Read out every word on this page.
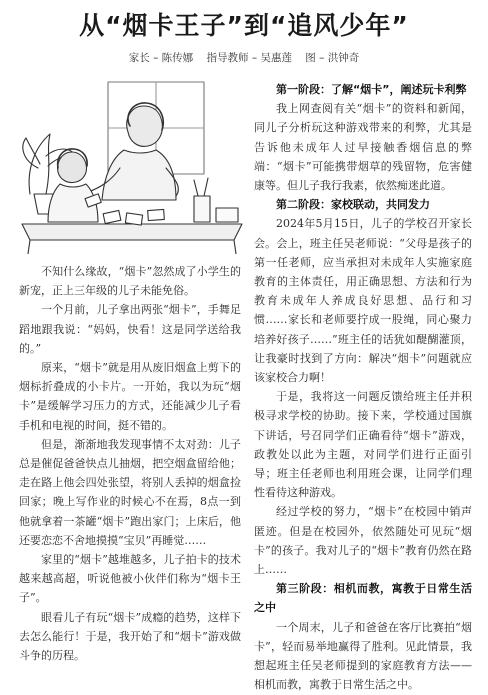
从“烟卡王子”到“追风少年”
家长 – 陈传娜    指导教师 – 吴惠莲    图 – 洪钟奇

不知什么缘故，“烟卡”忽然成了小学生的新宠，正上三年级的儿子未能免俗。

一个月前，儿子拿出两张“烟卡”，手舞足蹈地跟我说：“妈妈，快看！这是同学送给我的。”

原来，“烟卡”就是用从废旧烟盒上剪下的烟标折叠成的小卡片。一开始，我以为玩“烟卡”是缓解学习压力的方式，还能减少儿子看手机和电视的时间，挺不错的。

但是，渐渐地我发现事情不太对劲：儿子总是催促爸爸快点儿抽烟，把空烟盒留给他；走在路上他会四处张望，将别人丢掉的烟盒捡回家；晚上写作业的时候心不在焉，8点一到他就拿着一茶罐“烟卡”跑出家门；上床后，他还要恋恋不舍地摸摸“宝贝”再睡觉……

家里的“烟卡”越堆越多，儿子拍卡的技术越来越高超，听说他被小伙伴们称为“烟卡王子”。

眼看儿子有玩“烟卡”成瘾的趋势，这样下去怎么能行！于是，我开始了和“烟卡”游戏做斗争的历程。

第一阶段：了解“烟卡”，阐述玩卡利弊

我上网查阅有关“烟卡”的资料和新闻，同儿子分析玩这种游戏带来的利弊，尤其是告诉他未成年人过早接触香烟信息的弊端：“烟卡”可能携带烟草的残留物，危害健康等。但儿子我行我素，依然痴迷此道。

第二阶段：家校联动，共同发力

2024年5月15日，儿子的学校召开家长会。会上，班主任吴老师说：“父母是孩子的第一任老师，应当承担对未成年人实施家庭教育的主体责任，用正确思想、方法和行为教育未成年人养成良好思想、品行和习惯……家长和老师要拧成一股绳，同心聚力培养好孩子……”班主任的话犹如醍醐灌顶，让我豪时找到了方向：解决“烟卡”问题就应该家校合力啊！

于是，我将这一问题反馈给班主任并积极寻求学校的协助。接下来，学校通过国旗下讲话，号召同学们正确看待“烟卡”游戏，政教处以此为主题，对同学们进行正面引导；班主任老师也利用班会课，让同学们理性看待这种游戏。

经过学校的努力，“烟卡”在校园中销声匿迹。但是在校园外，依然随处可见玩“烟卡”的孩子。我对儿子的“烟卡”教育仍然在路上……

第三阶段：相机而教，寓教于日常生活之中

一个周末，儿子和爸爸在客厅比赛拍“烟卡”，轻而易举地赢得了胜利。见此情景，我想起班主任吴老师提到的家庭教育方法——相机而教，寓教于日常生活之中。
